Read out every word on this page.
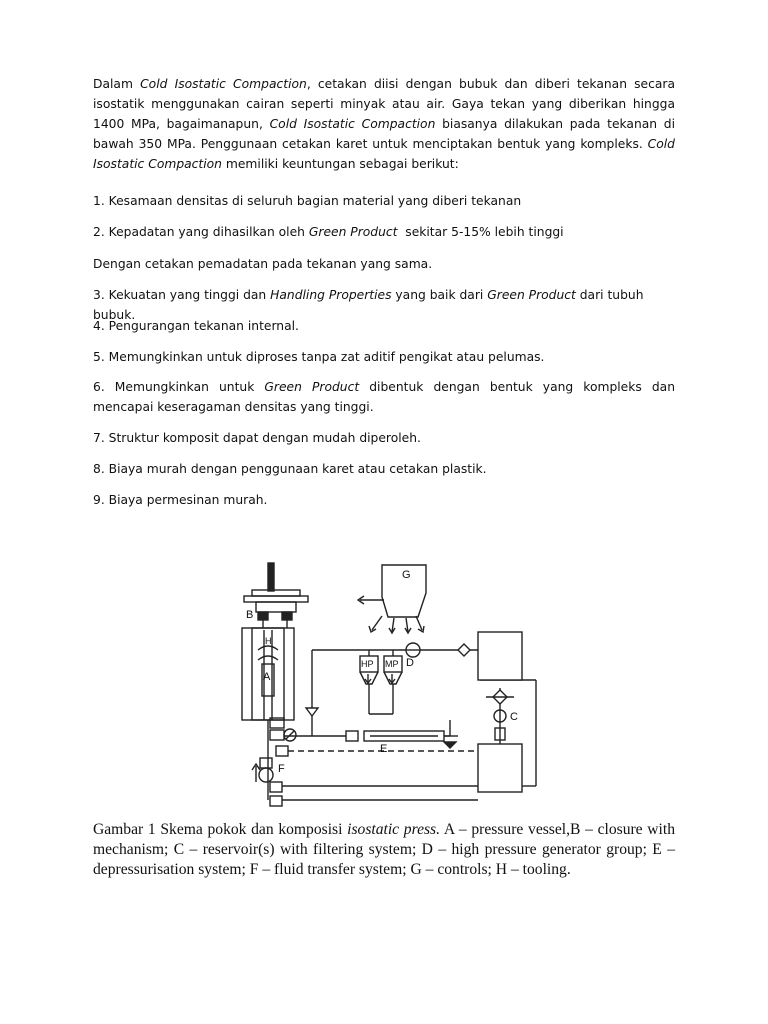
Dalam Cold Isostatic Compaction, cetakan diisi dengan bubuk dan diberi tekanan secara isostatik menggunakan cairan seperti minyak atau air. Gaya tekan yang diberikan hingga 1400 MPa, bagaimanapun, Cold Isostatic Compaction biasanya dilakukan pada tekanan di bawah 350 MPa. Penggunaan cetakan karet untuk menciptakan bentuk yang kompleks. Cold Isostatic Compaction memiliki keuntungan sebagai berikut:

1. Kesamaan densitas di seluruh bagian material yang diberi tekanan
2. Kepadatan yang dihasilkan oleh Green Product  sekitar 5-15% lebih tinggi
Dengan cetakan pemadatan pada tekanan yang sama.
3. Kekuatan yang tinggi dan Handling Properties yang baik dari Green Product dari tubuh bubuk.
4. Pengurangan tekanan internal.
5. Memungkinkan untuk diproses tanpa zat aditif pengikat atau pelumas.
6. Memungkinkan untuk Green Product dibentuk dengan bentuk yang kompleks dan mencapai keseragaman densitas yang tinggi.
7. Struktur komposit dapat dengan mudah diperoleh.
8. Biaya murah dengan penggunaan karet atau cetakan plastik.
9. Biaya permesinan murah.
B
H
A
G
HP MP D
C
E
F

Gambar 1 Skema pokok dan komposisi isostatic press. A – pressure vessel,B – closure with mechanism; C – reservoir(s) with filtering system; D – high pressure generator group; E – depressurisation system; F – fluid transfer system; G – controls; H – tooling.
